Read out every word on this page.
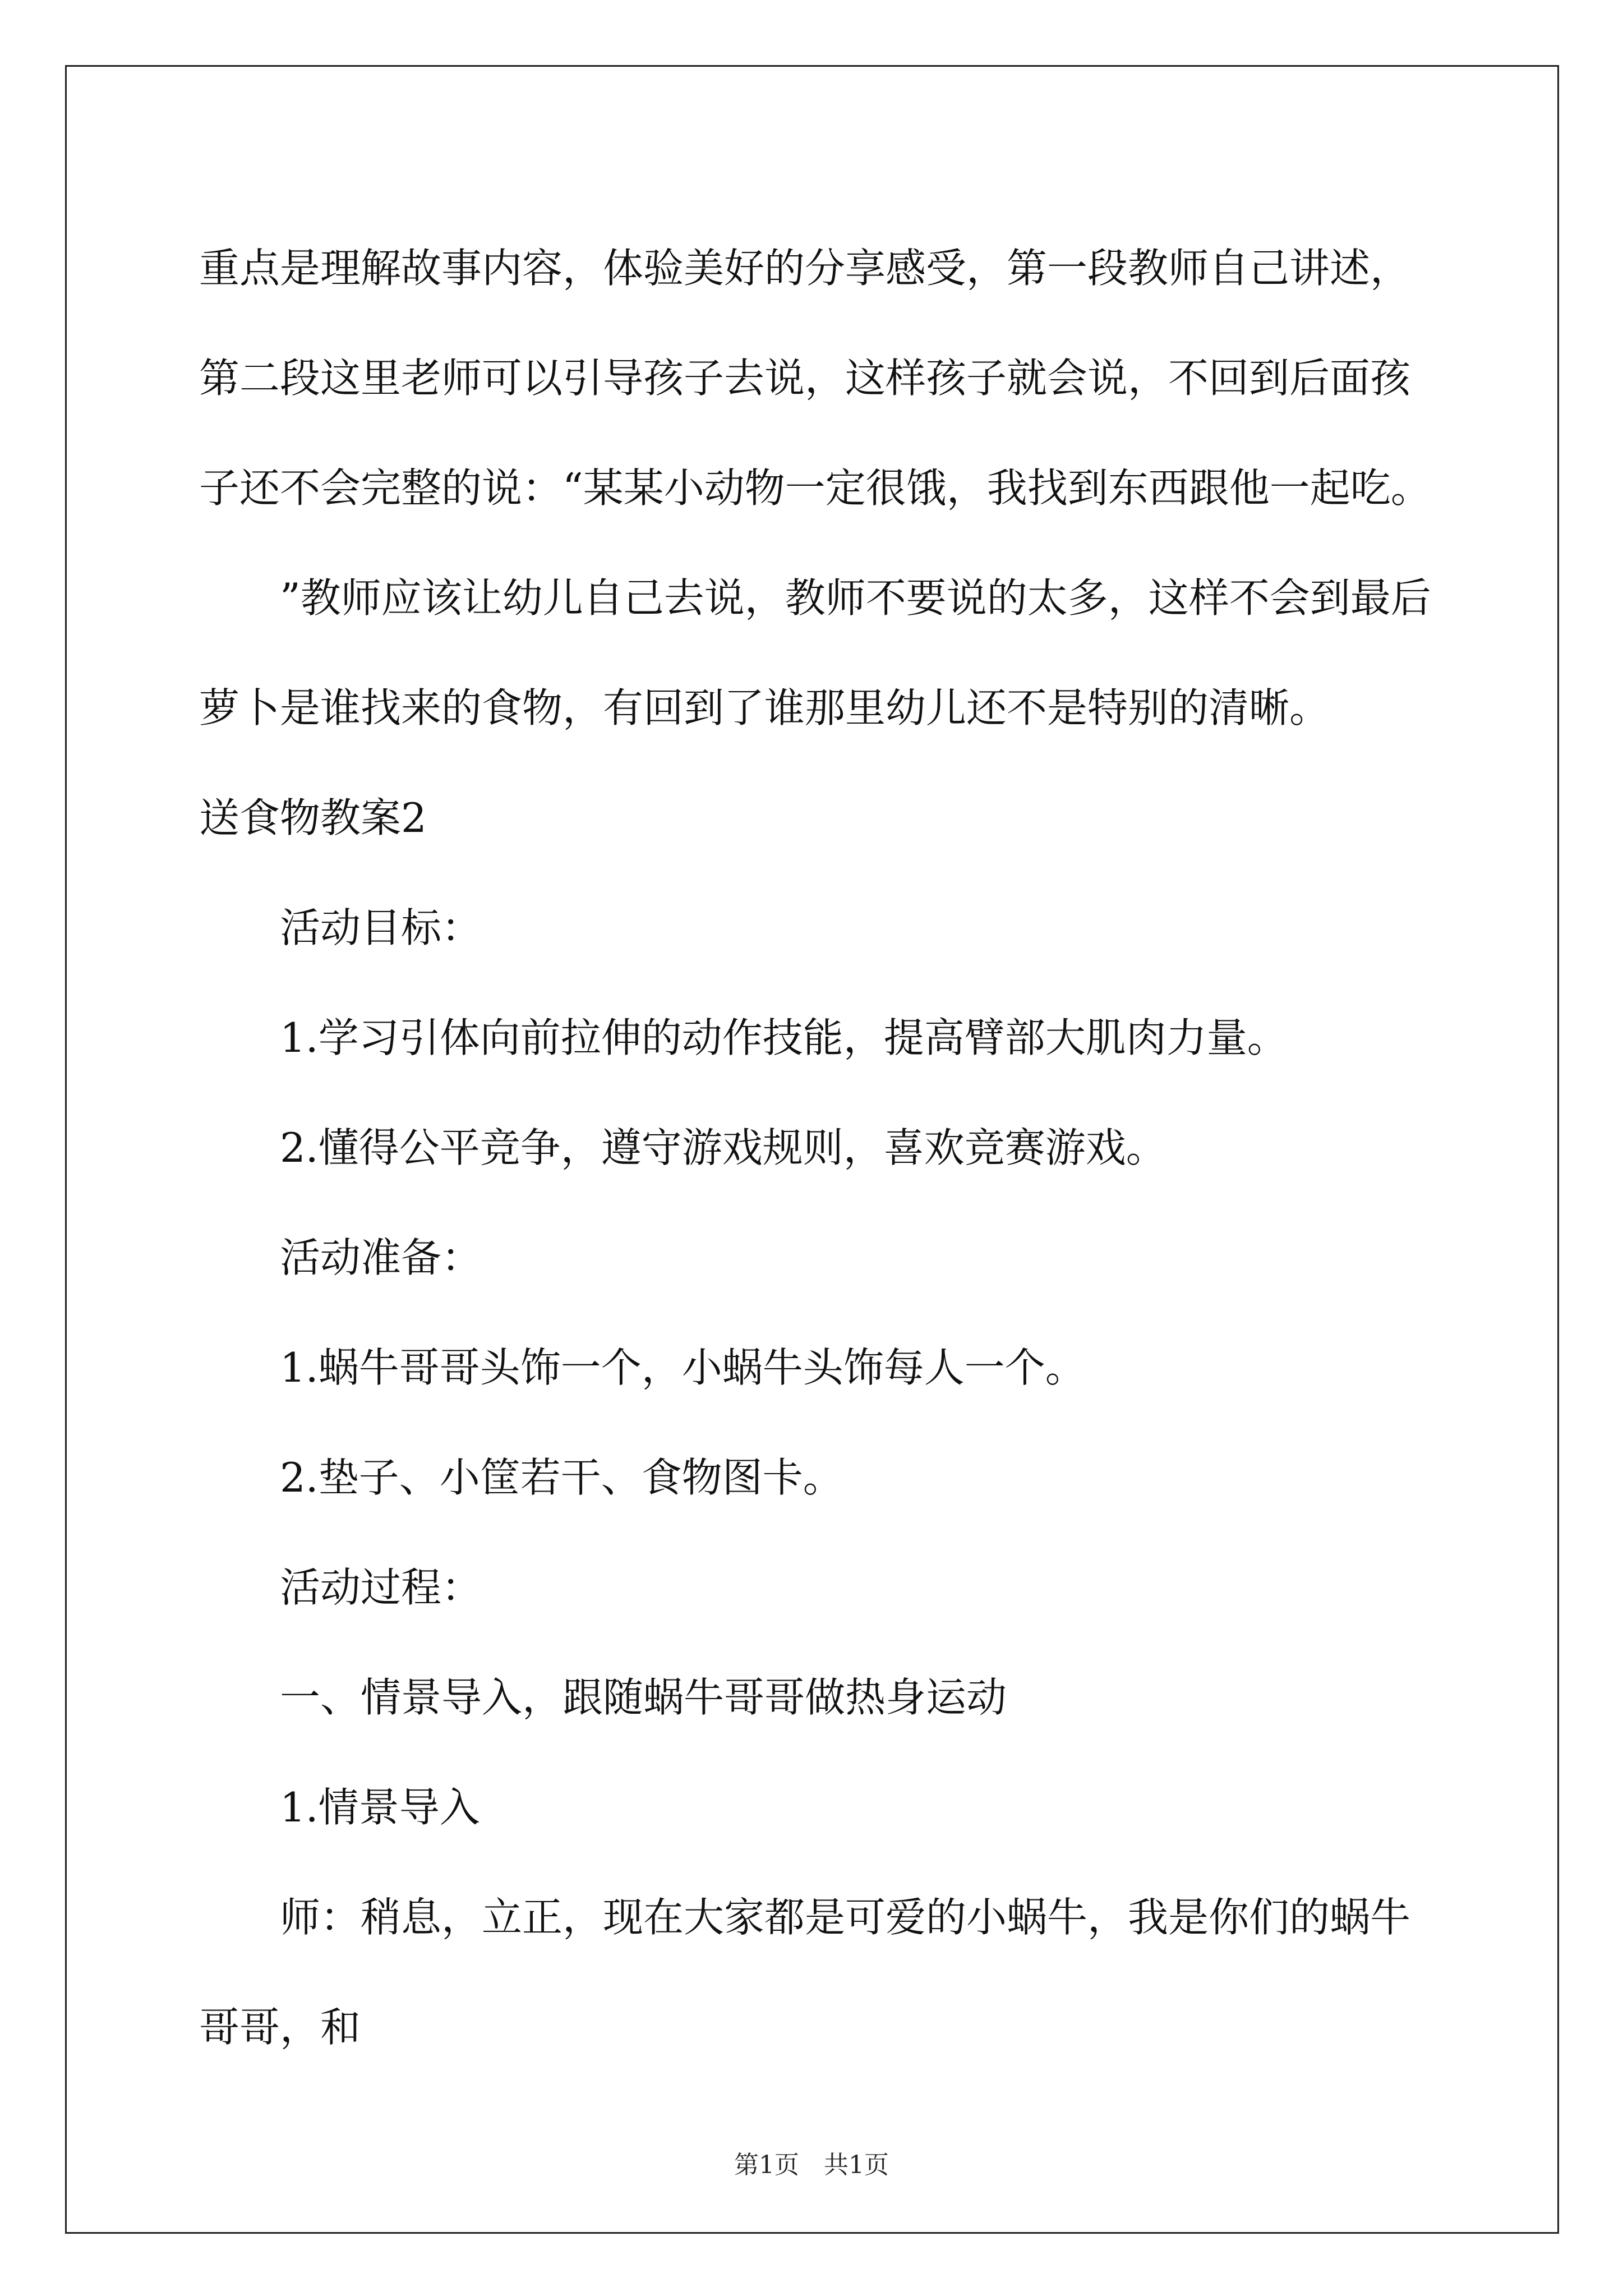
重点是理解故事内容，体验美好的分享感受，第一段教师自己讲述，第二段这里老师可以引导孩子去说，这样孩子就会说，不回到后面孩子还不会完整的说：“某某小动物一定很饿，我找到东西跟他一起吃。

”教师应该让幼儿自己去说，教师不要说的太多，这样不会到最后萝卜是谁找来的食物，有回到了谁那里幼儿还不是特别的清晰。

送食物教案2

活动目标：

1.学习引体向前拉伸的动作技能，提高臂部大肌肉力量。

2.懂得公平竞争，遵守游戏规则，喜欢竞赛游戏。

活动准备：

1.蜗牛哥哥头饰一个，小蜗牛头饰每人一个。

2.垫子、小筐若干、食物图卡。

活动过程：

一、情景导入，跟随蜗牛哥哥做热身运动

1.情景导入

师：稍息，立正，现在大家都是可爱的小蜗牛，我是你们的蜗牛哥哥，和

第1页　共1页
